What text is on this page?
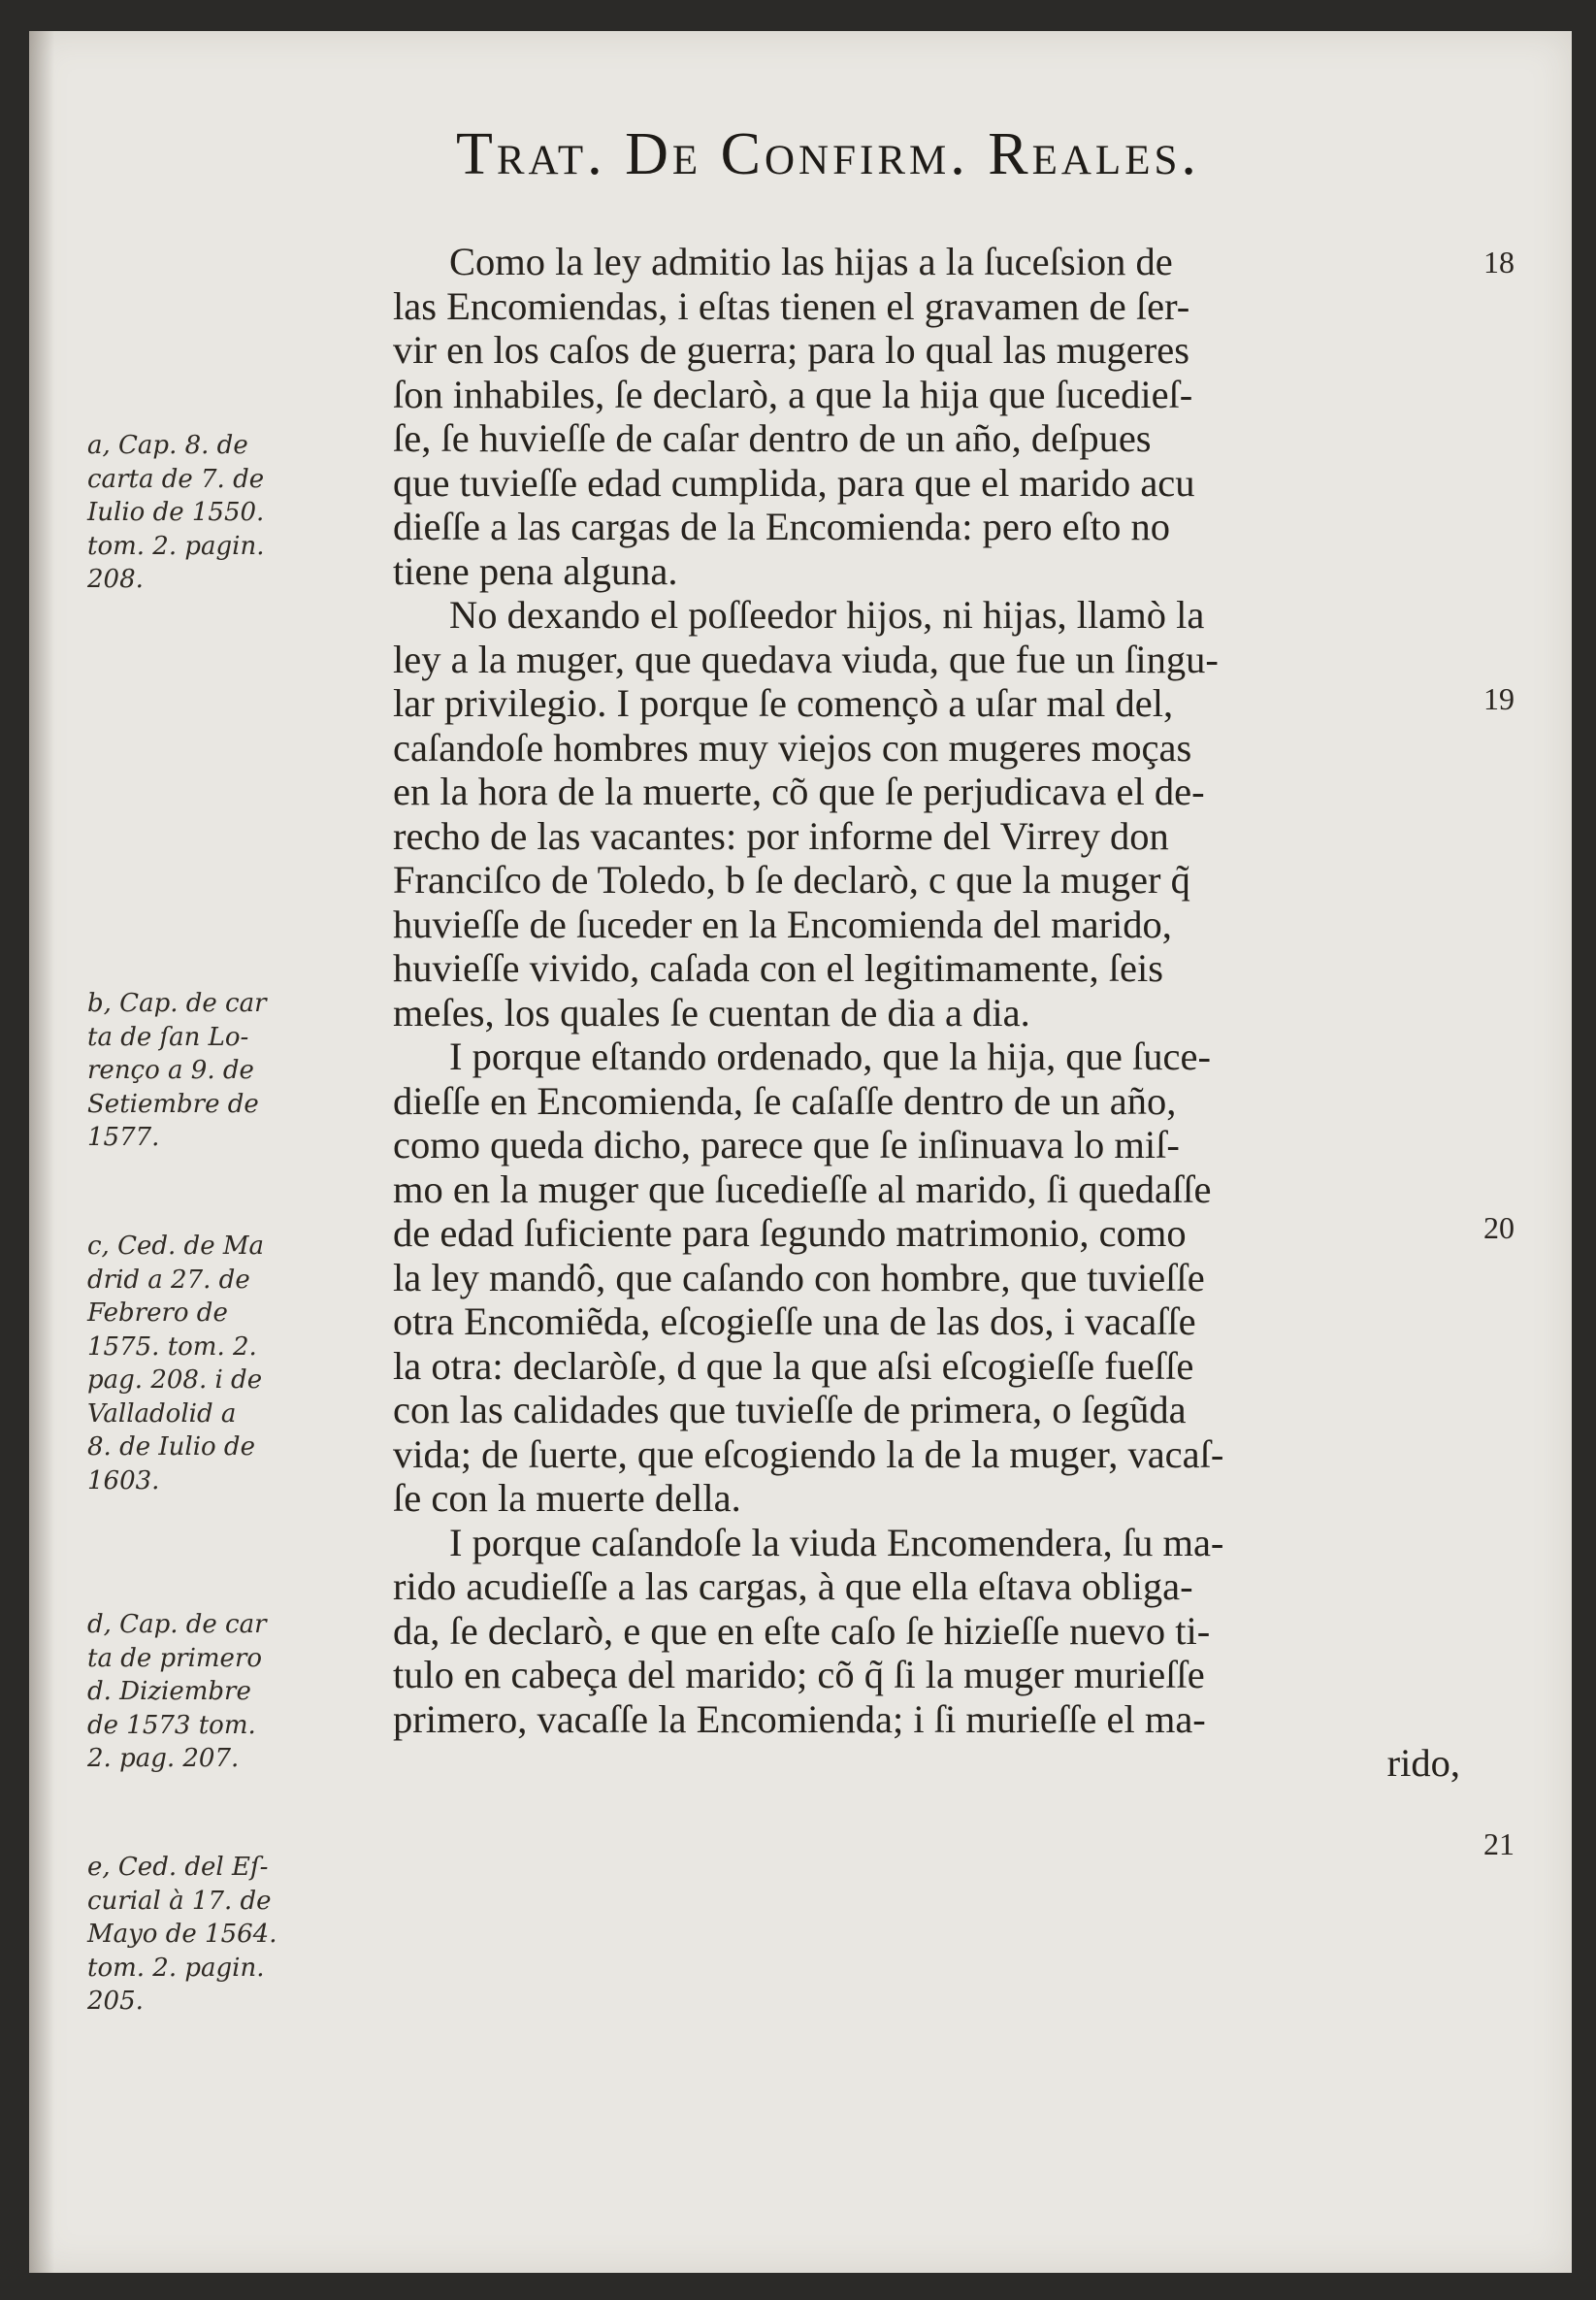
Trat. De Confirm. Reales.
Como la ley admitio las hijas a la ſuceſsion de
las Encomiendas, i eſtas tienen el gravamen de ſer-
vir en los caſos de guerra; para lo qual las mugeres
ſon inhabiles, ſe declarò, a que la hija que ſucedieſ-
ſe, ſe huvieſſe de caſar dentro de un año, deſpues
que tuvieſſe edad cumplida, para que el marido acu
dieſſe a las cargas de la Encomienda: pero eſto no
tiene pena alguna.
No dexando el poſſeedor hijos, ni hijas, llamò la
ley a la muger, que quedava viuda, que fue un ſingu-
lar privilegio. I porque ſe començò a uſar mal del,
caſandoſe hombres muy viejos con mugeres moças
en la hora de la muerte, cõ que ſe perjudicava el de-
recho de las vacantes: por informe del Virrey don
Franciſco de Toledo, b ſe declarò, c que la muger q̃
huvieſſe de ſuceder en la Encomienda del marido,
huvieſſe vivido, caſada con el legitimamente, ſeis
meſes, los quales ſe cuentan de dia a dia.
I porque eſtando ordenado, que la hija, que ſuce-
dieſſe en Encomienda, ſe caſaſſe dentro de un año,
como queda dicho, parece que ſe inſinuava lo miſ-
mo en la muger que ſucedieſſe al marido, ſi quedaſſe
de edad ſuficiente para ſegundo matrimonio, como
la ley mandô, que caſando con hombre, que tuvieſſe
otra Encomiẽda, eſcogieſſe una de las dos, i vacaſſe
la otra: declaròſe, d que la que aſsi eſcogieſſe fueſſe
con las calidades que tuvieſſe de primera, o ſegũda
vida; de ſuerte, que eſcogiendo la de la muger, vacaſ-
ſe con la muerte della.
I porque caſandoſe la viuda Encomendera, ſu ma-
rido acudieſſe a las cargas, à que ella eſtava obliga-
da, ſe declarò, e que en eſte caſo ſe hizieſſe nuevo ti-
tulo en cabeça del marido; cõ q̃ ſi la muger murieſſe
primero, vacaſſe la Encomienda; i ſi murieſſe el ma-
rido,
18
19
20
21
a, Cap. 8. de
carta de 7. de
Iulio de 1550.
tom. 2. pagin.
208.
b, Cap. de car
ta de ſan Lo-
renço a 9. de
Setiembre de
1577.
c, Ced. de Ma
drid a 27. de
Febrero de
1575. tom. 2.
pag. 208. i de
Valladolid a
8. de Iulio de
1603.
d, Cap. de car
ta de primero
d. Diziembre
de 1573 tom.
2. pag. 207.
e, Ced. del Eſ-
curial à 17. de
Mayo de 1564.
tom. 2. pagin.
205.
